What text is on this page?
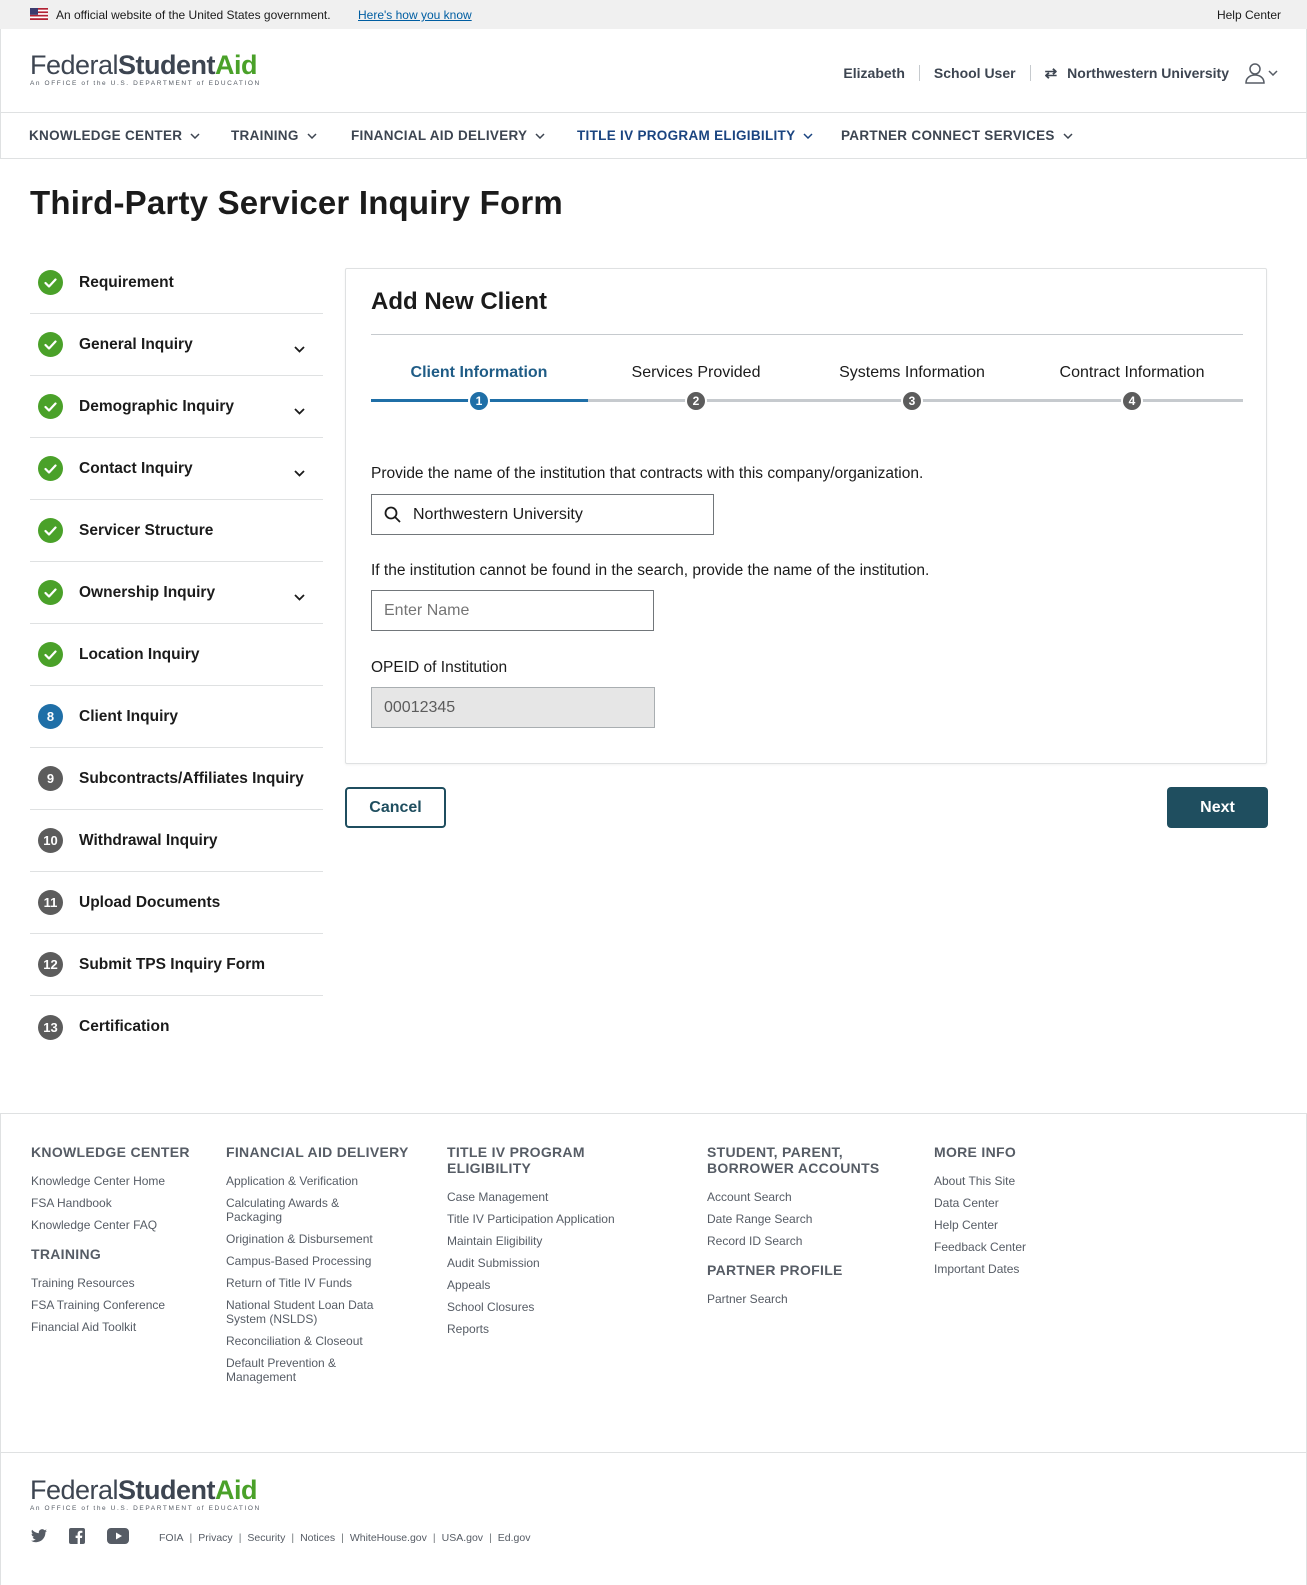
An official website of the United States government. Here's how you know	Help Center
FederalStudentAid
An OFFICE of the U.S. DEPARTMENT of EDUCATION
Elizabeth School User ⇄ Northwestern University
KNOWLEDGE CENTER	TRAINING	FINANCIAL AID DELIVERY	TITLE IV PROGRAM ELIGIBILITY	PARTNER CONNECT SERVICES
Third-Party Servicer Inquiry Form
Requirement
General Inquiry
Demographic Inquiry
Contact Inquiry
Servicer Structure
Ownership Inquiry
Location Inquiry
8	Client Inquiry
9	Subcontracts/Affiliates Inquiry
10	Withdrawal Inquiry
11	Upload Documents
12	Submit TPS Inquiry Form
13	Certification
Add New Client
Client Information	Services Provided	Systems Information	Contract Information
1	2	3	4
Provide the name of the institution that contracts with this company/organization.
Northwestern University
If the institution cannot be found in the search, provide the name of the institution.
Enter Name
OPEID of Institution
00012345
Cancel	Next
KNOWLEDGE CENTER
Knowledge Center Home
FSA Handbook
Knowledge Center FAQ
TRAINING
Training Resources
FSA Training Conference
Financial Aid Toolkit
FINANCIAL AID DELIVERY
Application & Verification
Calculating Awards & Packaging
Origination & Disbursement
Campus-Based Processing
Return of Title IV Funds
National Student Loan Data System (NSLDS)
Reconciliation & Closeout
Default Prevention & Management
TITLE IV PROGRAM ELIGIBILITY
Case Management
Title IV Participation Application
Maintain Eligibility
Audit Submission
Appeals
School Closures
Reports
STUDENT, PARENT, BORROWER ACCOUNTS
Account Search
Date Range Search
Record ID Search
PARTNER PROFILE
Partner Search
MORE INFO
About This Site
Data Center
Help Center
Feedback Center
Important Dates
FederalStudentAid
An OFFICE of the U.S. DEPARTMENT of EDUCATION
FOIA | Privacy | Security | Notices | WhiteHouse.gov | USA.gov | Ed.gov
